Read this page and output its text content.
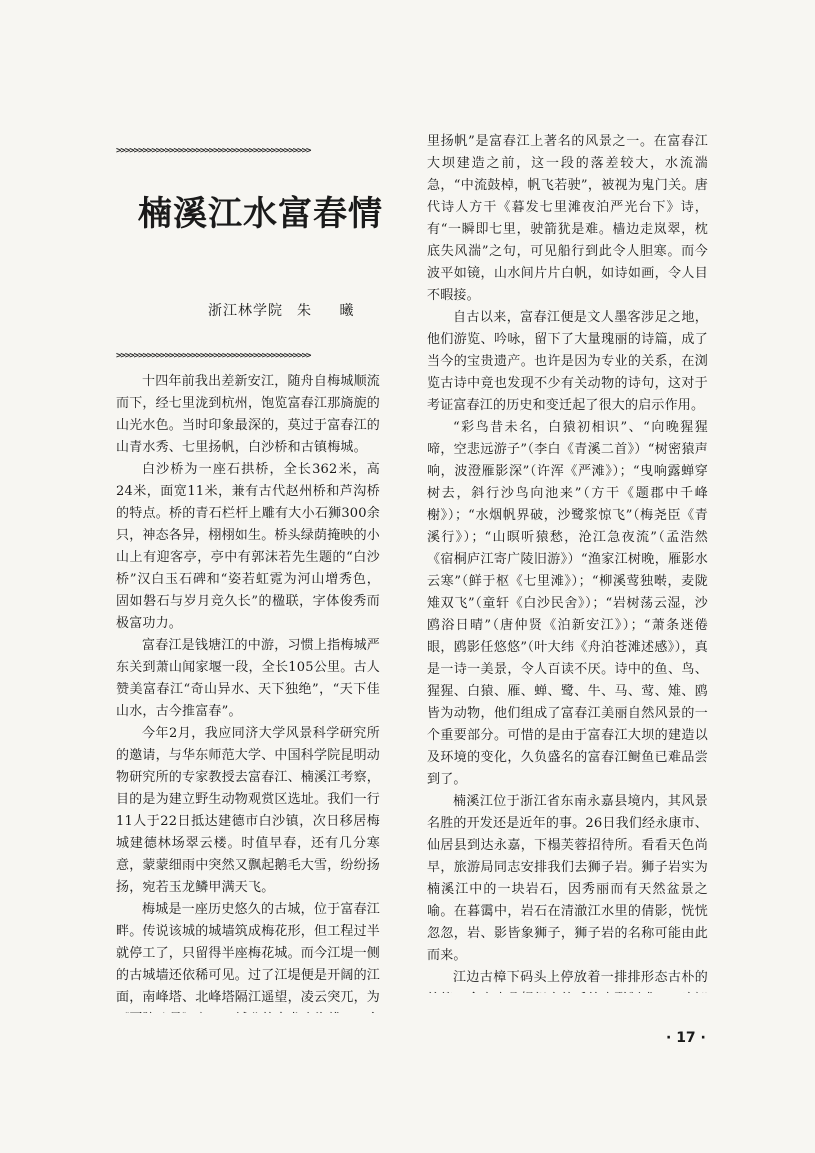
>>>>>>>>>>>>>>>>>>>>>>>>>>>>>>>>>>>>>>>>>>>>
楠溪江水富春情
浙江林学院 朱 曦
>>>>>>>>>>>>>>>>>>>>>>>>>>>>>>>>>>>>>>>>>>>>

十四年前我出差新安江，随舟自梅城顺流而下，经七里泷到杭州，饱览富春江那旖旎的山光水色。当时印象最深的，莫过于富春江的山青水秀、七里扬帆，白沙桥和古镇梅城。

白沙桥为一座石拱桥，全长362米，高24米，面宽11米，兼有古代赵州桥和芦沟桥的特点。桥的青石栏杆上雕有大小石狮300余只，神态各异，栩栩如生。桥头绿荫掩映的小山上有迎客亭，亭中有郭沫若先生题的“白沙桥”汉白玉石碑和“姿若虹霓为河山增秀色，固如磐石与岁月竞久长”的楹联，字体俊秀而极富功力。

富春江是钱塘江的中游，习惯上指梅城严东关到萧山闻家堰一段，全长105公里。古人赞美富春江“奇山异水、天下独绝”，“天下佳山水，古今推富春”。

今年2月，我应同济大学风景科学研究所的邀请，与华东师范大学、中国科学院昆明动物研究所的专家教授去富春江、楠溪江考察，目的是为建立野生动物观赏区选址。我们一行11人于22日抵达建德市白沙镇，次日移居梅城建德林场翠云楼。时值早春，还有几分寒意，蒙蒙细雨中突然又飘起鹅毛大雪，纷纷扬扬，宛若玉龙鳞甲满天飞。

梅城是一座历史悠久的古城，位于富春江畔。传说该城的城墙筑成梅花形，但工程过半就停工了，只留得半座梅花城。而今江堤一侧的古城墙还依稀可见。过了江堤便是开阔的江面，南峰塔、北峰塔隔江遥望，凌云突兀，为

里扬帆”是富春江上著名的风景之一。在富春江大坝建造之前，这一段的落差较大，水流湍急，“中流鼓棹，帆飞若驶”，被视为鬼门关。唐代诗人方干《暮发七里滩夜泊严光台下》诗，有“一瞬即七里，驶箭犹是难。樯边走岚翠，枕底失风湍”之句，可见船行到此令人胆寒。而今波平如镜，山水间片片白帆，如诗如画，令人目不暇接。

自古以来，富春江便是文人墨客涉足之地，他们游览、吟咏，留下了大量瑰丽的诗篇，成了当今的宝贵遗产。也许是因为专业的关系，在浏览古诗中竟也发现不少有关动物的诗句，这对于考证富春江的历史和变迁起了很大的启示作用。

“彩鸟昔未名，白猿初相识”、“向晚猩猩啼，空悲远游子”（李白《青溪二首》）“树密猿声响，波澄雁影深”（许浑《严滩》）；“曳响露蝉穿树去，斜行沙鸟向池来”（方干《题郡中千峰榭》）；“水烟帆界破，沙鹭浆惊飞”（梅尧臣《青溪行》）；“山暝听猿愁，沧江急夜流”（孟浩然《宿桐庐江寄广陵旧游》）“渔家江树晚，雁影水云寒”（鲜于枢《七里滩》）；“柳溪莺独啭，麦陇雉双飞”（童轩《白沙民舍》）；“岩树荡云湿，沙鸥浴日晴”（唐仲贤《泊新安江》）；“萧条迷倦眼，鸥影任悠悠”（叶大纬《舟泊苍滩述感》），真是一诗一美景，令人百读不厌。诗中的鱼、鸟、猩猩、白猿、雁、蝉、鹭、牛、马、莺、雉、鸥皆为动物，他们组成了富春江美丽自然风景的一个重要部分。可惜的是由于富春江大坝的建造以及环境的变化，久负盛名的富春江鲥鱼已难品尝到了。

楠溪江位于浙江省东南永嘉县境内，其风景名胜的开发还是近年的事。26日我们经永康市、仙居县到达永嘉，下榻芙蓉招待所。看看天色尚早，旅游局同志安排我们去狮子岩。狮子岩实为楠溪江中的一块岩石，因秀丽而有天然盆景之喻。在暮霭中，岩石在清澈江水里的倩影，恍恍忽忽，岩、影皆象狮子，狮子岩的名称可能由此而来。

江边古樟下码头上停放着一排排形态古朴的

· 17 ·
